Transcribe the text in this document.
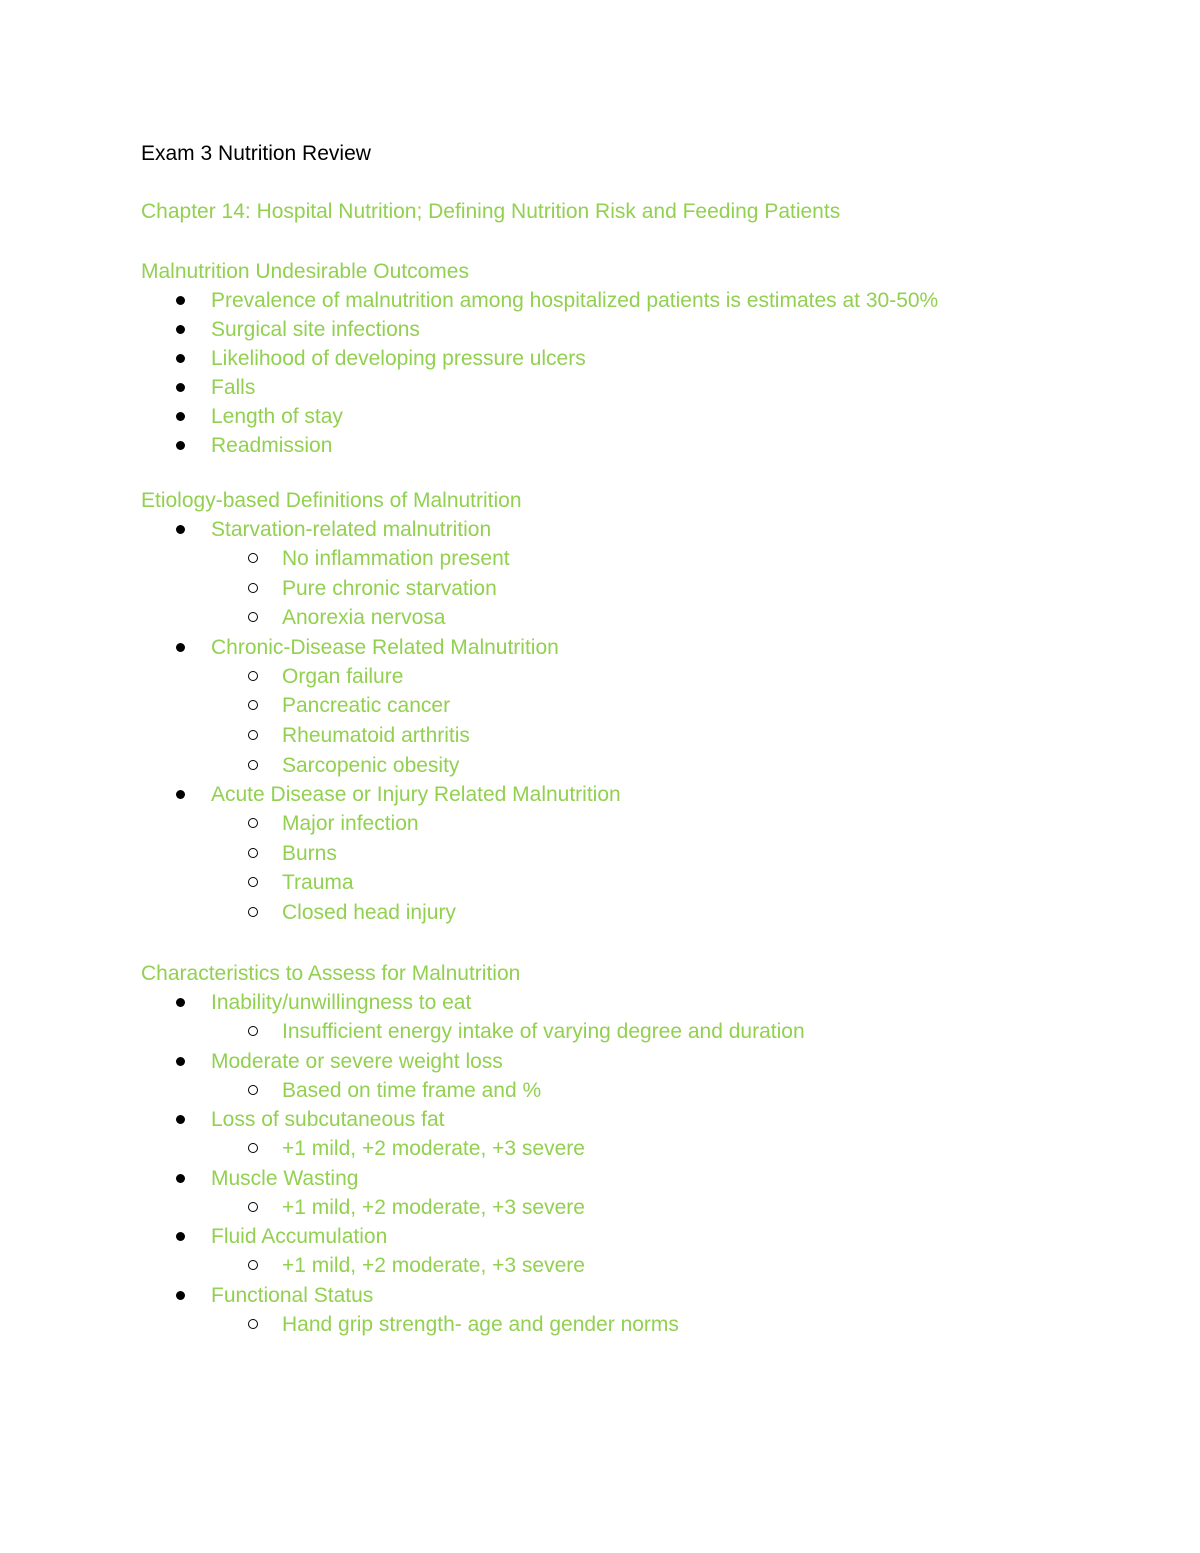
Exam 3 Nutrition Review
Chapter 14: Hospital Nutrition; Defining Nutrition Risk and Feeding Patients
Malnutrition Undesirable Outcomes
Prevalence of malnutrition among hospitalized patients is estimates at 30-50%
Surgical site infections
Likelihood of developing pressure ulcers
Falls
Length of stay
Readmission
Etiology-based Definitions of Malnutrition
Starvation-related malnutrition
No inflammation present
Pure chronic starvation
Anorexia nervosa
Chronic-Disease Related Malnutrition
Organ failure
Pancreatic cancer
Rheumatoid arthritis
Sarcopenic obesity
Acute Disease or Injury Related Malnutrition
Major infection
Burns
Trauma
Closed head injury
Characteristics to Assess for Malnutrition
Inability/unwillingness to eat
Insufficient energy intake of varying degree and duration
Moderate or severe weight loss
Based on time frame and %
Loss of subcutaneous fat
+1 mild, +2 moderate, +3 severe
Muscle Wasting
+1 mild, +2 moderate, +3 severe
Fluid Accumulation
+1 mild, +2 moderate, +3 severe
Functional Status
Hand grip strength- age and gender norms
